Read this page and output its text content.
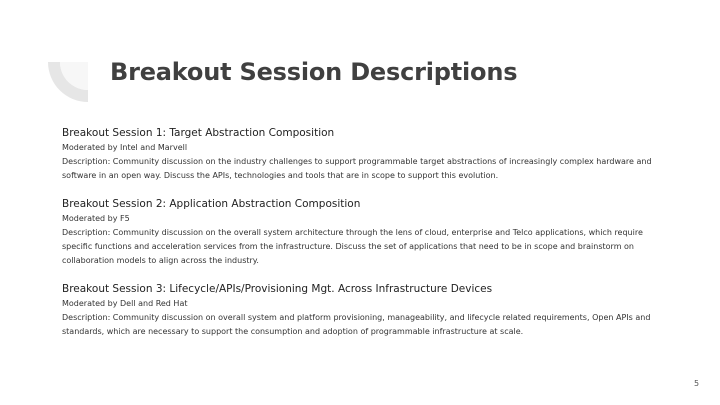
Breakout Session Descriptions
Breakout Session 1: Target Abstraction Composition
Moderated by Intel and Marvell
Description: Community discussion on the industry challenges to support programmable target abstractions of increasingly complex hardware and software in an open way. Discuss the APIs, technologies and tools that are in scope to support this evolution.
Breakout Session 2: Application Abstraction Composition
Moderated by F5
Description: Community discussion on the overall system architecture through the lens of cloud, enterprise and Telco applications, which require specific functions and acceleration services from the infrastructure. Discuss the set of applications that need to be in scope and brainstorm on collaboration models to align across the industry.
Breakout Session 3: Lifecycle/APIs/Provisioning Mgt. Across Infrastructure Devices
Moderated by Dell and Red Hat
Description: Community discussion on overall system and platform provisioning, manageability, and lifecycle related requirements, Open APIs and standards, which are necessary to support the consumption and adoption of programmable infrastructure at scale.
5
